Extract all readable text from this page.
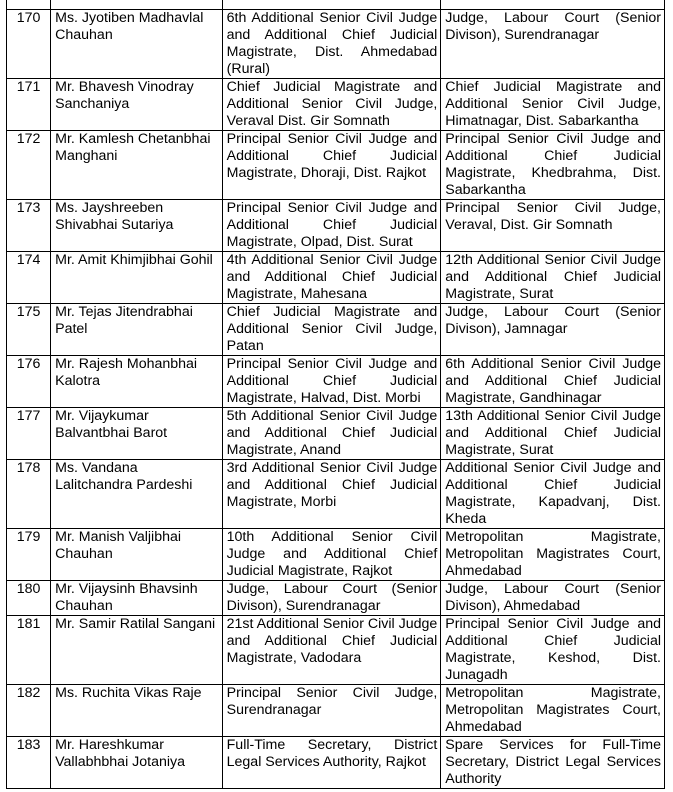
170	Ms. Jyotiben Madhavlal Chauhan	6th Additional Senior Civil Judge and Additional Chief Judicial Magistrate, Dist. Ahmedabad (Rural)	Judge, Labour Court (Senior Divison), Surendranagar
171	Mr. Bhavesh Vinodray Sanchaniya	Chief Judicial Magistrate and Additional Senior Civil Judge, Veraval Dist. Gir Somnath	Chief Judicial Magistrate and Additional Senior Civil Judge, Himatnagar, Dist. Sabarkantha
172	Mr. Kamlesh Chetanbhai Manghani	Principal Senior Civil Judge and Additional Chief Judicial Magistrate, Dhoraji, Dist. Rajkot	Principal Senior Civil Judge and Additional Chief Judicial Magistrate, Khedbrahma, Dist. Sabarkantha
173	Ms. Jayshreeben Shivabhai Sutariya	Principal Senior Civil Judge and Additional Chief Judicial Magistrate, Olpad, Dist. Surat	Principal Senior Civil Judge, Veraval, Dist. Gir Somnath
174	Mr. Amit Khimjibhai Gohil	4th Additional Senior Civil Judge and Additional Chief Judicial Magistrate, Mahesana	12th Additional Senior Civil Judge and Additional Chief Judicial Magistrate, Surat
175	Mr. Tejas Jitendrabhai Patel	Chief Judicial Magistrate and Additional Senior Civil Judge, Patan	Judge, Labour Court (Senior Divison), Jamnagar
176	Mr. Rajesh Mohanbhai Kalotra	Principal Senior Civil Judge and Additional Chief Judicial Magistrate, Halvad, Dist. Morbi	6th Additional Senior Civil Judge and Additional Chief Judicial Magistrate, Gandhinagar
177	Mr. Vijaykumar Balvantbhai Barot	5th Additional Senior Civil Judge and Additional Chief Judicial Magistrate, Anand	13th Additional Senior Civil Judge and Additional Chief Judicial Magistrate, Surat
178	Ms. Vandana Lalitchandra Pardeshi	3rd Additional Senior Civil Judge and Additional Chief Judicial Magistrate, Morbi	Additional Senior Civil Judge and Additional Chief Judicial Magistrate, Kapadvanj, Dist. Kheda
179	Mr. Manish Valjibhai Chauhan	10th Additional Senior Civil Judge and Additional Chief Judicial Magistrate, Rajkot	Metropolitan Magistrate, Metropolitan Magistrates Court, Ahmedabad
180	Mr. Vijaysinh Bhavsinh Chauhan	Judge, Labour Court (Senior Divison), Surendranagar	Judge, Labour Court (Senior Divison), Ahmedabad
181	Mr. Samir Ratilal Sangani	21st Additional Senior Civil Judge and Additional Chief Judicial Magistrate, Vadodara	Principal Senior Civil Judge and Additional Chief Judicial Magistrate, Keshod, Dist. Junagadh
182	Ms. Ruchita Vikas Raje	Principal Senior Civil Judge, Surendranagar	Metropolitan Magistrate, Metropolitan Magistrates Court, Ahmedabad
183	Mr. Hareshkumar Vallabhbhai Jotaniya	Full-Time Secretary, District Legal Services Authority, Rajkot	Spare Services for Full-Time Secretary, District Legal Services Authority
